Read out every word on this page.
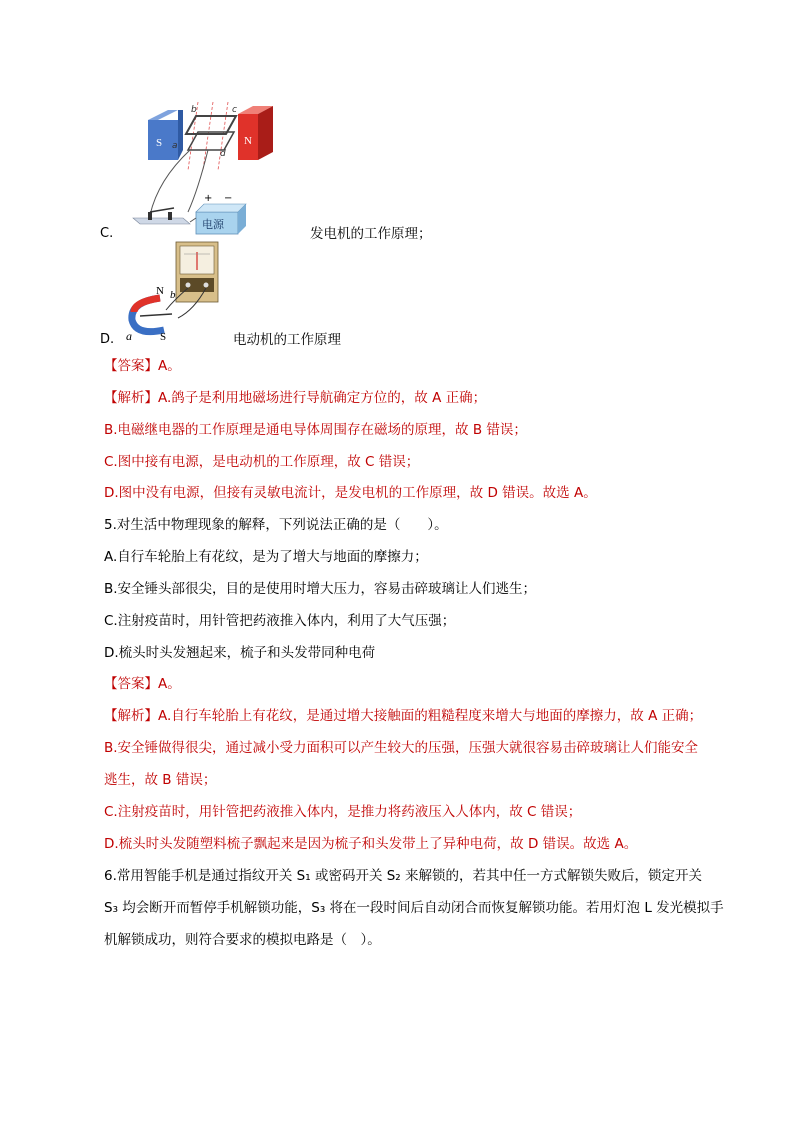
C.
S	N
b	c
a
d
+ −
电源
发电机的工作原理；
D.
N
S
b
a	电动机的工作原理
【答案】A。
【解析】A.鸽子是利用地磁场进行导航确定方位的，故 A 正确；
B.电磁继电器的工作原理是通电导体周围存在磁场的原理，故 B 错误；
C.图中接有电源，是电动机的工作原理，故 C 错误；
D.图中没有电源，但接有灵敏电流计，是发电机的工作原理，故 D 错误。故选 A。
5.对生活中物理现象的解释，下列说法正确的是（　　）。
A.自行车轮胎上有花纹，是为了增大与地面的摩擦力；
B.安全锤头部很尖，目的是使用时增大压力，容易击碎玻璃让人们逃生；
C.注射疫苗时，用针管把药液推入体内，利用了大气压强；
D.梳头时头发翘起来，梳子和头发带同种电荷
【答案】A。
【解析】A.自行车轮胎上有花纹，是通过增大接触面的粗糙程度来增大与地面的摩擦力，故 A 正确；
B.安全锤做得很尖，通过减小受力面积可以产生较大的压强，压强大就很容易击碎玻璃让人们能安全
逃生，故 B 错误；
C.注射疫苗时，用针管把药液推入体内，是推力将药液压入人体内，故 C 错误；
D.梳头时头发随塑料梳子飘起来是因为梳子和头发带上了异种电荷，故 D 错误。故选 A。
6.常用智能手机是通过指纹开关 S₁ 或密码开关 S₂ 来解锁的，若其中任一方式解锁失败后，锁定开关
S₃ 均会断开而暂停手机解锁功能，S₃ 将在一段时间后自动闭合而恢复解锁功能。若用灯泡 L 发光模拟手
机解锁成功，则符合要求的模拟电路是（　）。
